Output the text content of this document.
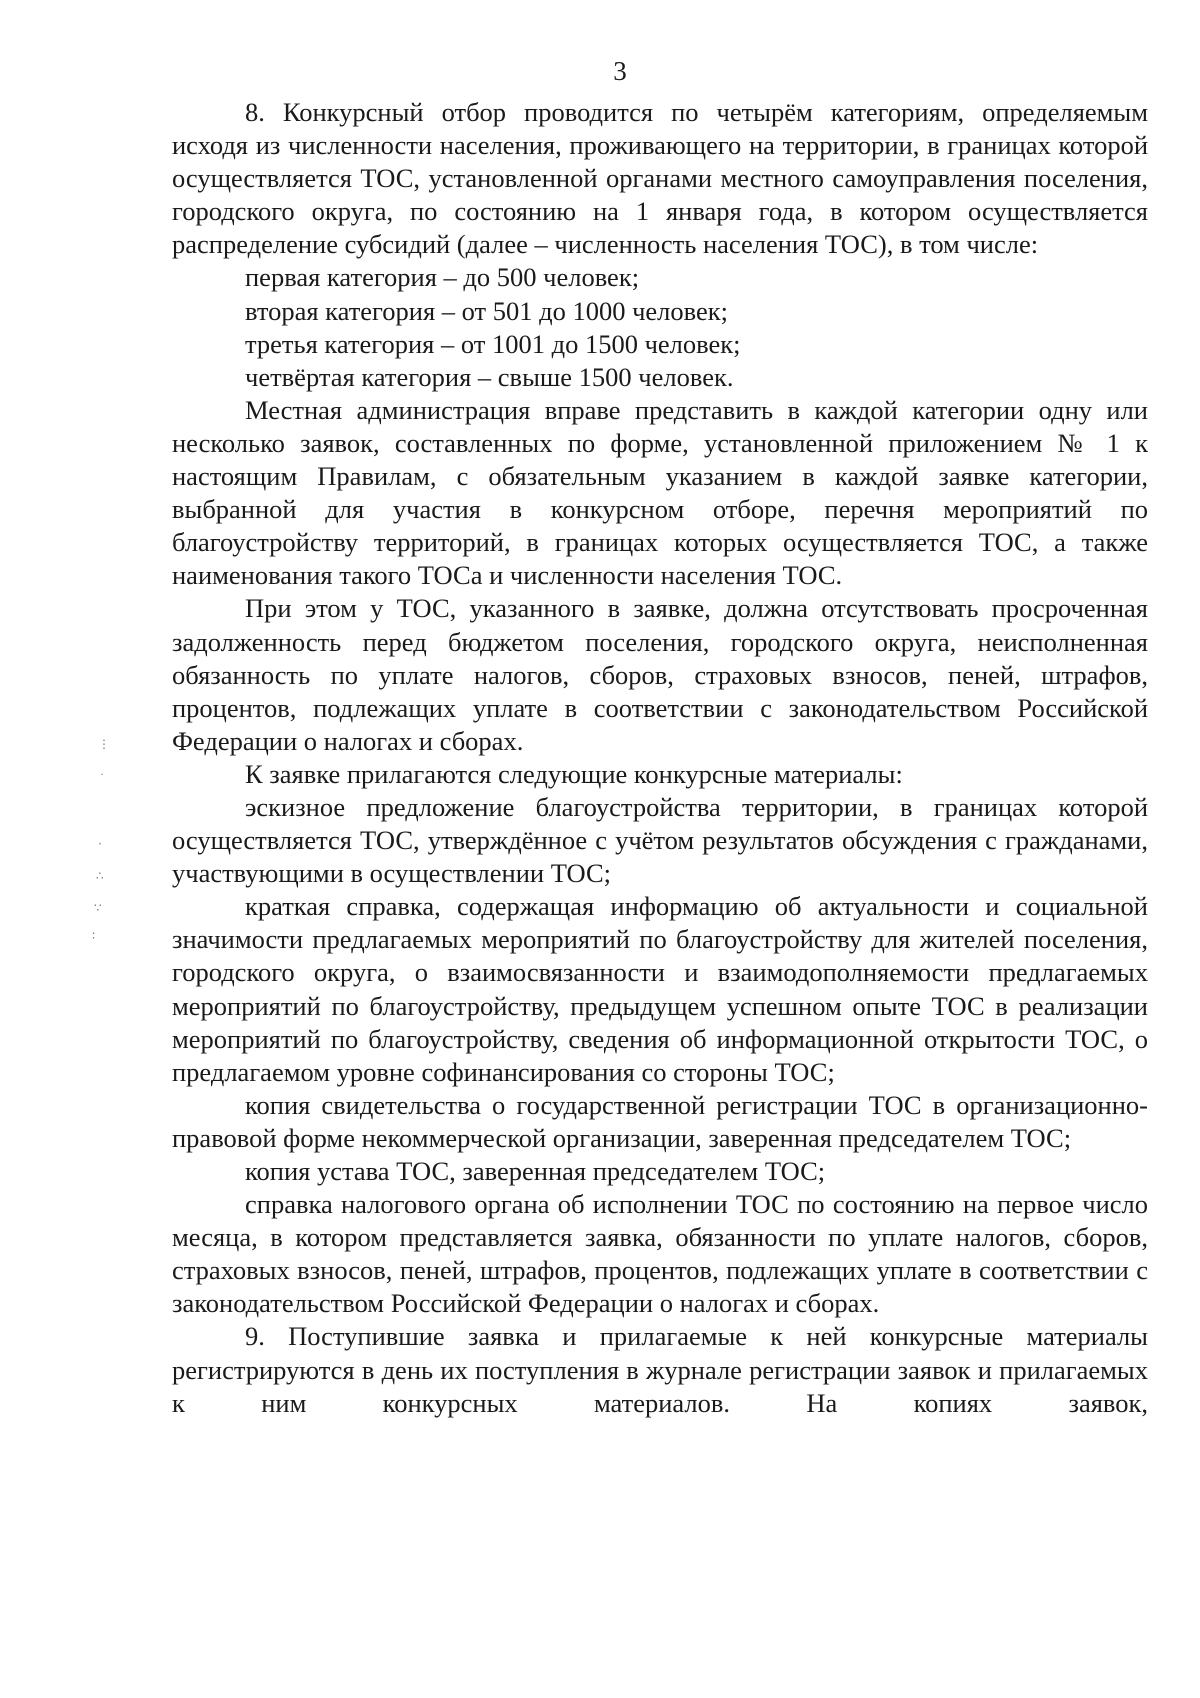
3

8. Конкурсный отбор проводится по четырём категориям, определяемым исходя из численности населения, проживающего на территории, в границах которой осуществляется ТОС, установленной органами местного самоуправления поселения, городского округа, по состоянию на 1 января года, в котором осуществляется распределение субсидий (далее – численность населения ТОС), в том числе:

первая категория – до 500 человек;

вторая категория – от 501 до 1000 человек;

третья категория – от 1001 до 1500 человек;

четвёртая категория – свыше 1500 человек.

Местная администрация вправе представить в каждой категории одну или несколько заявок, составленных по форме, установленной приложением № 1 к настоящим Правилам, с обязательным указанием в каждой заявке категории, выбранной для участия в конкурсном отборе, перечня мероприятий по благоустройству территорий, в границах которых осуществляется ТОС, а также наименования такого ТОСа и численности населения ТОС.

При этом у ТОС, указанного в заявке, должна отсутствовать просроченная задолженность перед бюджетом поселения, городского округа, неисполненная обязанность по уплате налогов, сборов, страховых взносов, пеней, штрафов, процентов, подлежащих уплате в соответствии с законодательством Российской Федерации о налогах и сборах.

К заявке прилагаются следующие конкурсные материалы:

эскизное предложение благоустройства территории, в границах которой осуществляется ТОС, утверждённое с учётом результатов обсуждения с гражданами, участвующими в осуществлении ТОС;

краткая справка, содержащая информацию об актуальности и социальной значимости предлагаемых мероприятий по благоустройству для жителей поселения, городского округа, о взаимосвязанности и взаимодополняемости предлагаемых мероприятий по благоустройству, предыдущем успешном опыте ТОС в реализации мероприятий по благоустройству, сведения об информационной открытости ТОС, о предлагаемом уровне софинансирования со стороны ТОС;

копия свидетельства о государственной регистрации ТОС в организационно-правовой форме некоммерческой организации, заверенная председателем ТОС;

копия устава ТОС, заверенная председателем ТОС;

справка налогового органа об исполнении ТОС по состоянию на первое число месяца, в котором представляется заявка, обязанности по уплате налогов, сборов, страховых взносов, пеней, штрафов, процентов, подлежащих уплате в соответствии с законодательством Российской Федерации о налогах и сборах.

9. Поступившие заявка и прилагаемые к ней конкурсные материалы регистрируются в день их поступления в журнале регистрации заявок и прилагаемых к ним конкурсных материалов. На копиях заявок,

⋮
·
‧
∴
∵
∶
